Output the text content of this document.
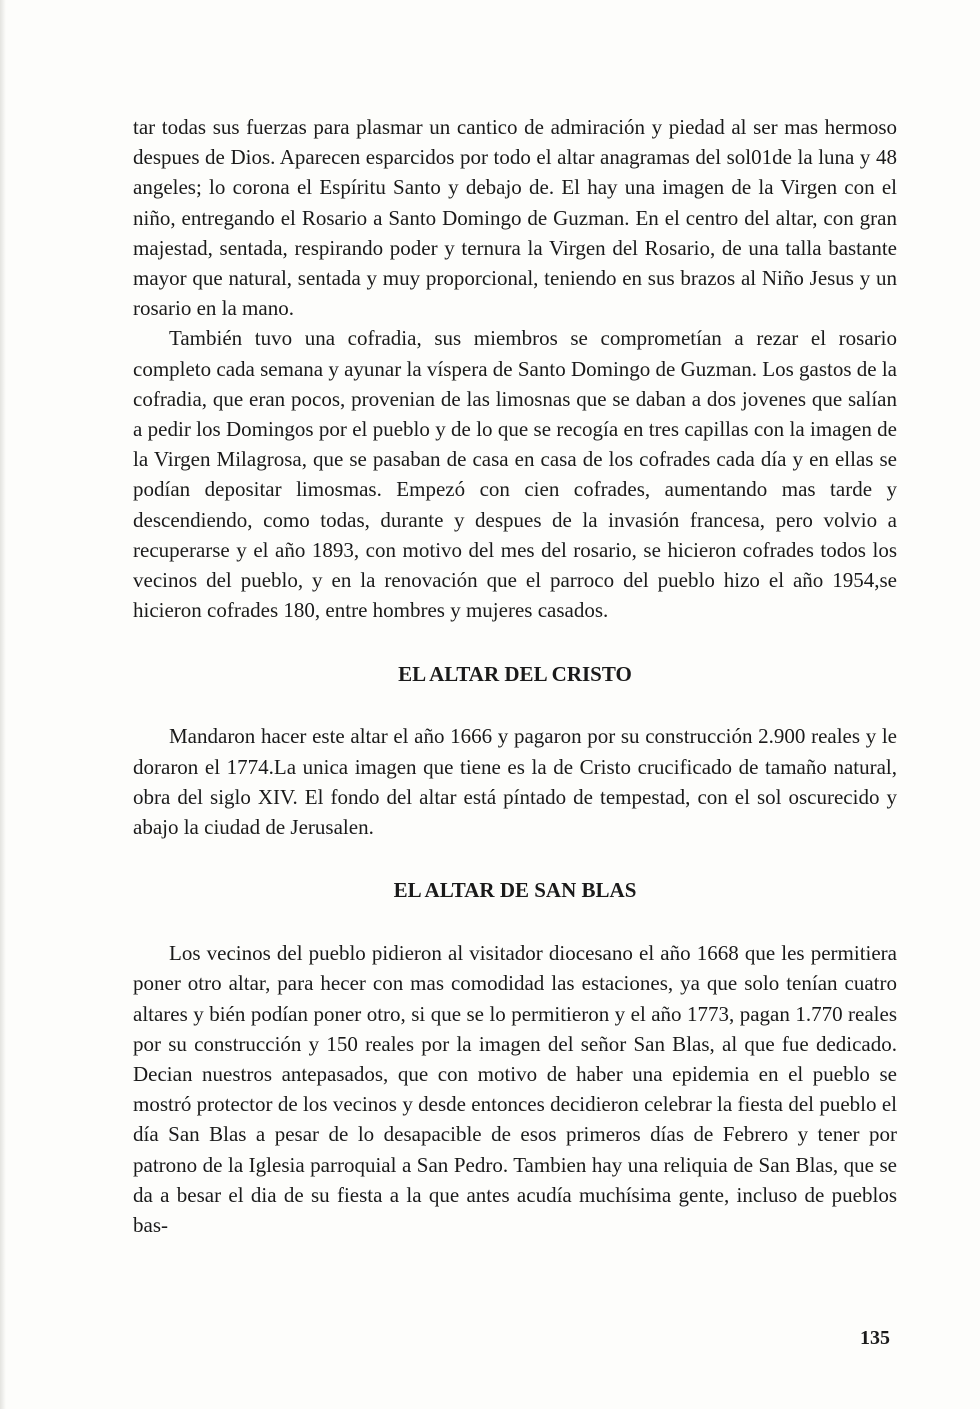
tar todas sus fuerzas para plasmar un cantico de admiración y piedad al ser mas hermoso despues de Dios. Aparecen esparcidos por todo el altar anagramas del sol01de la luna y 48 angeles; lo corona el Espíritu Santo y debajo de. El hay una imagen de la Virgen con el niño, entregando el Rosario a Santo Domingo de Guzman. En el centro del altar, con gran majestad, sentada, respirando poder y ternura la Virgen del Rosario, de una talla bastante mayor que natural, sentada y muy proporcional, teniendo en sus brazos al Niño Jesus y un rosario en la mano.

También tuvo una cofradia, sus miembros se comprometían a rezar el rosario completo cada semana y ayunar la víspera de Santo Domingo de Guzman. Los gastos de la cofradia, que eran pocos, provenian de las limosnas que se daban a dos jovenes que salían a pedir los Domingos por el pueblo y de lo que se recogía en tres capillas con la imagen de la Virgen Milagrosa, que se pasaban de casa en casa de los cofrades cada día y en ellas se podían depositar limosmas. Empezó con cien cofrades, aumentando mas tarde y descendiendo, como todas, durante y despues de la invasión francesa, pero volvio a recuperarse y el año 1893, con motivo del mes del rosario, se hicieron cofrades todos los vecinos del pueblo, y en la renovación que el parroco del pueblo hizo el año 1954,se hicieron cofrades 180, entre hombres y mujeres casados.

EL ALTAR DEL CRISTO

Mandaron hacer este altar el año 1666 y pagaron por su construcción 2.900 reales y le doraron el 1774.La unica imagen que tiene es la de Cristo crucificado de tamaño natural, obra del siglo XIV. El fondo del altar está píntado de tempestad, con el sol oscurecido y abajo la ciudad de Jerusalen.

EL ALTAR DE SAN BLAS

Los vecinos del pueblo pidieron al visitador diocesano el año 1668 que les permitiera poner otro altar, para hecer con mas comodidad las estaciones, ya que solo tenían cuatro altares y bién podían poner otro, si que se lo permitieron y el año 1773, pagan 1.770 reales por su construcción y 150 reales por la imagen del señor San Blas, al que fue dedicado. Decian nuestros antepasados, que con motivo de haber una epidemia en el pueblo se mostró protector de los vecinos y desde entonces decidieron celebrar la fiesta del pueblo el día San Blas a pesar de lo desapacible de esos primeros días de Febrero y tener por patrono de la Iglesia parroquial a San Pedro. Tambien hay una reliquia de San Blas, que se da a besar el dia de su fiesta a la que antes acudía muchísima gente, incluso de pueblos bas-

135
